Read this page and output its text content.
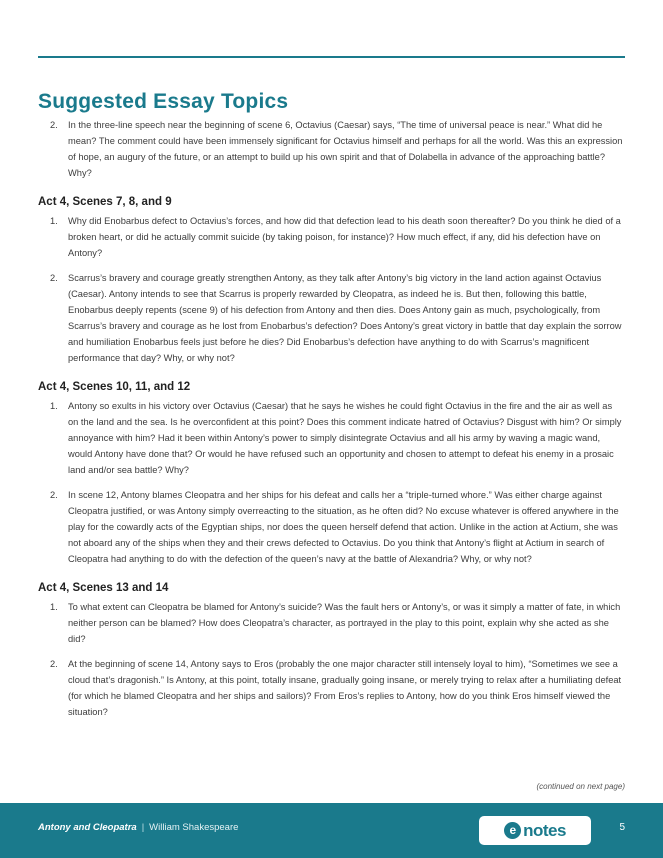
Suggested Essay Topics
In the three-line speech near the beginning of scene 6, Octavius (Caesar) says, “The time of universal peace is near.” What did he mean? The comment could have been immensely significant for Octavius himself and perhaps for all the world. Was this an expression of hope, an augury of the future, or an attempt to build up his own spirit and that of Dolabella in advance of the approaching battle? Why?
Act 4, Scenes 7, 8, and 9
Why did Enobarbus defect to Octavius’s forces, and how did that defection lead to his death soon thereafter? Do you think he died of a broken heart, or did he actually commit suicide (by taking poison, for instance)? How much effect, if any, did his defection have on Antony?
Scarrus’s bravery and courage greatly strengthen Antony, as they talk after Antony’s big victory in the land action against Octavius (Caesar). Antony intends to see that Scarrus is properly rewarded by Cleopatra, as indeed he is. But then, following this battle, Enobarbus deeply repents (scene 9) of his defection from Antony and then dies. Does Antony gain as much, psychologically, from Scarrus’s bravery and courage as he lost from Enobarbus’s defection? Does Antony’s great victory in battle that day explain the sorrow and humiliation Enobarbus feels just before he dies? Did Enobarbus’s defection have anything to do with Scarrus’s magnificent performance that day? Why, or why not?
Act 4, Scenes 10, 11, and 12
Antony so exults in his victory over Octavius (Caesar) that he says he wishes he could fight Octavius in the fire and the air as well as on the land and the sea. Is he overconfident at this point? Does this comment indicate hatred of Octavius? Disgust with him? Or simply annoyance with him? Had it been within Antony’s power to simply disintegrate Octavius and all his army by waving a magic wand, would Antony have done that? Or would he have refused such an opportunity and chosen to attempt to defeat his enemy in a prosaic land and/or sea battle? Why?
In scene 12, Antony blames Cleopatra and her ships for his defeat and calls her a “triple-turned whore.” Was either charge against Cleopatra justified, or was Antony simply overreacting to the situation, as he often did? No excuse whatever is offered anywhere in the play for the cowardly acts of the Egyptian ships, nor does the queen herself defend that action. Unlike in the action at Actium, she was not aboard any of the ships when they and their crews defected to Octavius. Do you think that Antony’s flight at Actium in search of Cleopatra had anything to do with the defection of the queen’s navy at the battle of Alexandria? Why, or why not?
Act 4, Scenes 13 and 14
To what extent can Cleopatra be blamed for Antony’s suicide? Was the fault hers or Antony’s, or was it simply a matter of fate, in which neither person can be blamed? How does Cleopatra’s character, as portrayed in the play to this point, explain why she acted as she did?
At the beginning of scene 14, Antony says to Eros (probably the one major character still intensely loyal to him), “Sometimes we see a cloud that’s dragonish.” Is Antony, at this point, totally insane, gradually going insane, or merely trying to relax after a humiliating defeat (for which he blamed Cleopatra and her ships and sailors)? From Eros’s replies to Antony, how do you think Eros himself viewed the situation?
(continued on next page)
Antony and Cleopatra | William Shakespeare	e notes	5
